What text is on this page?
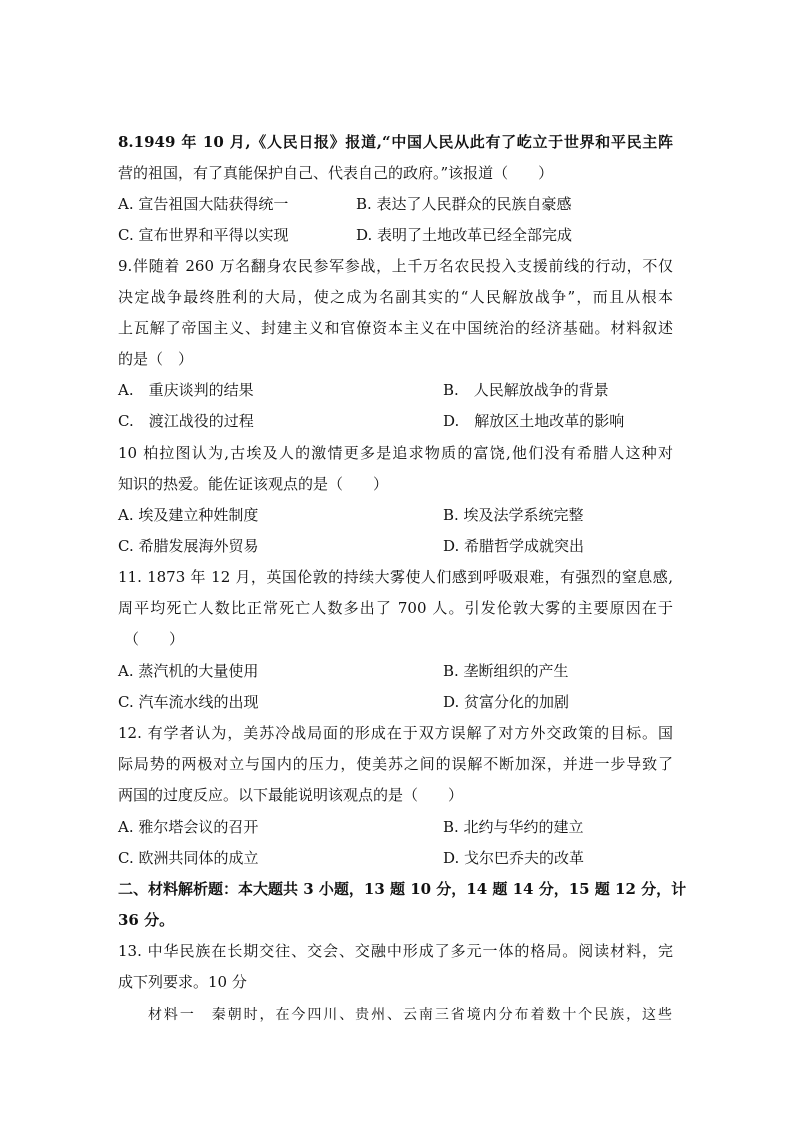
8.1949 年 10 月,《人民日报》报道,“中国人民从此有了屹立于世界和平民主阵
营的祖国，有了真能保护自己、代表自己的政府。”该报道（　　）
A. 宣告祖国大陆获得统一	B. 表达了人民群众的民族自豪感
C. 宣布世界和平得以实现	D. 表明了土地改革已经全部完成
9.伴随着 260 万名翻身农民参军参战，上千万名农民投入支援前线的行动，不仅
决定战争最终胜利的大局，使之成为名副其实的“人民解放战争”，而且从根本
上瓦解了帝国主义、封建主义和官僚资本主义在中国统治的经济基础。材料叙述
的是（　）
A.　重庆谈判的结果	B.　人民解放战争的背景
C.　渡江战役的过程	D.　解放区土地改革的影响
10 柏拉图认为,古埃及人的激情更多是追求物质的富饶,他们没有希腊人这种对
知识的热爱。能佐证该观点的是（　　）
A. 埃及建立种姓制度	B. 埃及法学系统完整
C. 希腊发展海外贸易	D. 希腊哲学成就突出
11. 1873 年 12 月，英国伦敦的持续大雾使人们感到呼吸艰难，有强烈的窒息感,
周平均死亡人数比正常死亡人数多出了 700 人。引发伦敦大雾的主要原因在于
（　　）
A. 蒸汽机的大量使用	B. 垄断组织的产生
C. 汽车流水线的出现	D. 贫富分化的加剧
12. 有学者认为，美苏冷战局面的形成在于双方误解了对方外交政策的目标。国
际局势的两极对立与国内的压力，使美苏之间的误解不断加深，并进一步导致了
两国的过度反应。以下最能说明该观点的是（　　）
A. 雅尔塔会议的召开	B. 北约与华约的建立
C. 欧洲共同体的成立	D. 戈尔巴乔夫的改革
二、材料解析题：本大题共 3 小题，13 题 10 分，14 题 14 分，15 题 12 分，计
36 分。
13. 中华民族在长期交往、交会、交融中形成了多元一体的格局。阅读材料，完
成下列要求。10 分
材料一　秦朝时，在今四川、贵州、云南三省境内分布着数十个民族，这些
